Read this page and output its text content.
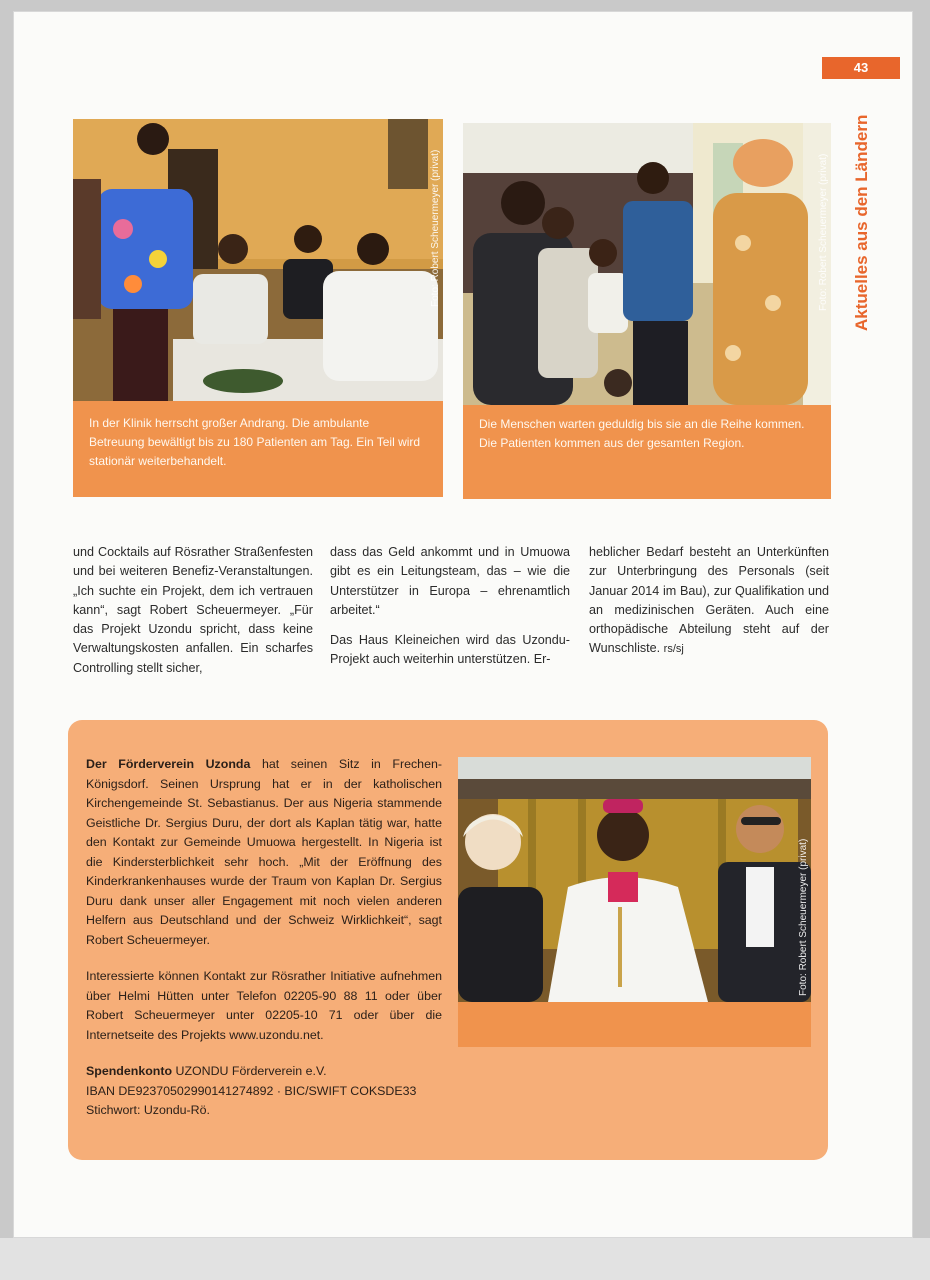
43
Aktuelles aus den Ländern
Foto: Robert Scheuermeyer (privat)
In der Klinik herrscht großer Andrang. Die ambulante Betreuung bewältigt bis zu 180 Patienten am Tag. Ein Teil wird stationär weiterbehandelt.
Foto: Robert Scheuermeyer (privat)
Die Menschen warten geduldig bis sie an die Reihe kommen. Die Patienten kommen aus der gesamten Region.

und Cocktails auf Rösrather Straßenfesten und bei weiteren Benefiz-Veranstaltungen. „Ich suchte ein Projekt, dem ich vertrauen kann“, sagt Robert Scheuermeyer. „Für das Projekt Uzondu spricht, dass keine Verwaltungskosten anfallen. Ein scharfes Controlling stellt sicher,

dass das Geld ankommt und in Umuowa gibt es ein Leitungsteam, das – wie die Unterstützer in Europa – ehrenamtlich arbeitet.“

Das Haus Kleineichen wird das Uzondu-Projekt auch weiterhin unterstützen. Er-

heblicher Bedarf besteht an Unterkünften zur Unterbringung des Personals (seit Januar 2014 im Bau), zur Qualifikation und an medizinischen Geräten. Auch eine orthopädische Abteilung steht auf der Wunschliste. rs/sj

Der Förderverein Uzonda hat seinen Sitz in Frechen-Königsdorf. Seinen Ursprung hat er in der katholischen Kirchengemeinde St. Sebastianus. Der aus Nigeria stammende Geistliche Dr. Sergius Duru, der dort als Kaplan tätig war, hatte den Kontakt zur Gemeinde Umuowa hergestellt. In Nigeria ist die Kindersterblichkeit sehr hoch. „Mit der Eröffnung des Kinderkrankenhauses wurde der Traum von Kaplan Dr. Sergius Duru dank unser aller Engagement mit noch vielen anderen Helfern aus Deutschland und der Schweiz Wirklichkeit“, sagt Robert Scheuermeyer.

Interessierte können Kontakt zur Rösrather Initiative aufnehmen über Helmi Hütten unter Telefon 02205-90 88 11 oder über Robert Scheuermeyer unter 02205-10 71 oder über die Internetseite des Projekts www.uzondu.net.

Spendenkonto UZONDU Förderverein e.V.
IBAN DE92370502990141274892 · BIC/SWIFT COKSDE33
Stichwort: Uzondu-Rö.

Foto: Robert Scheuermeyer (privat)
